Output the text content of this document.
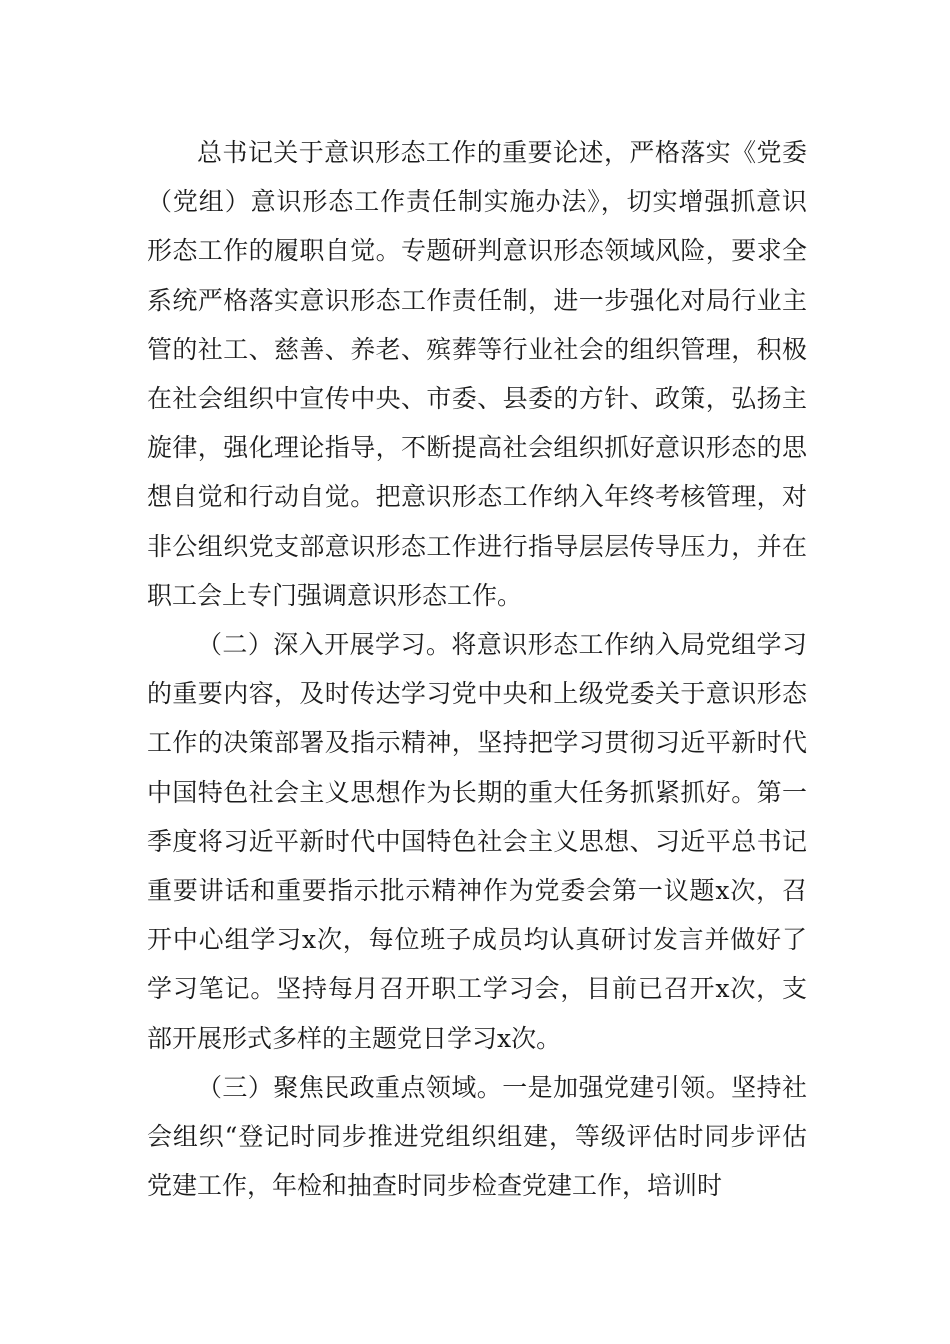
总书记关于意识形态工作的重要论述，严格落实《党委（党组）意识形态工作责任制实施办法》，切实增强抓意识形态工作的履职自觉。专题研判意识形态领域风险，要求全系统严格落实意识形态工作责任制，进一步强化对局行业主管的社工、慈善、养老、殡葬等行业社会的组织管理，积极在社会组织中宣传中央、市委、县委的方针、政策，弘扬主旋律，强化理论指导，不断提高社会组织抓好意识形态的思想自觉和行动自觉。把意识形态工作纳入年终考核管理，对非公组织党支部意识形态工作进行指导层层传导压力，并在职工会上专门强调意识形态工作。

（二）深入开展学习。将意识形态工作纳入局党组学习的重要内容，及时传达学习党中央和上级党委关于意识形态工作的决策部署及指示精神，坚持把学习贯彻习近平新时代中国特色社会主义思想作为长期的重大任务抓紧抓好。第一季度将习近平新时代中国特色社会主义思想、习近平总书记重要讲话和重要指示批示精神作为党委会第一议题x次，召开中心组学习x次，每位班子成员均认真研讨发言并做好了学习笔记。坚持每月召开职工学习会，目前已召开x次，支部开展形式多样的主题党日学习x次。

（三）聚焦民政重点领域。一是加强党建引领。坚持社会组织“登记时同步推进党组织组建，等级评估时同步评估党建工作，年检和抽查时同步检查党建工作，培训时
